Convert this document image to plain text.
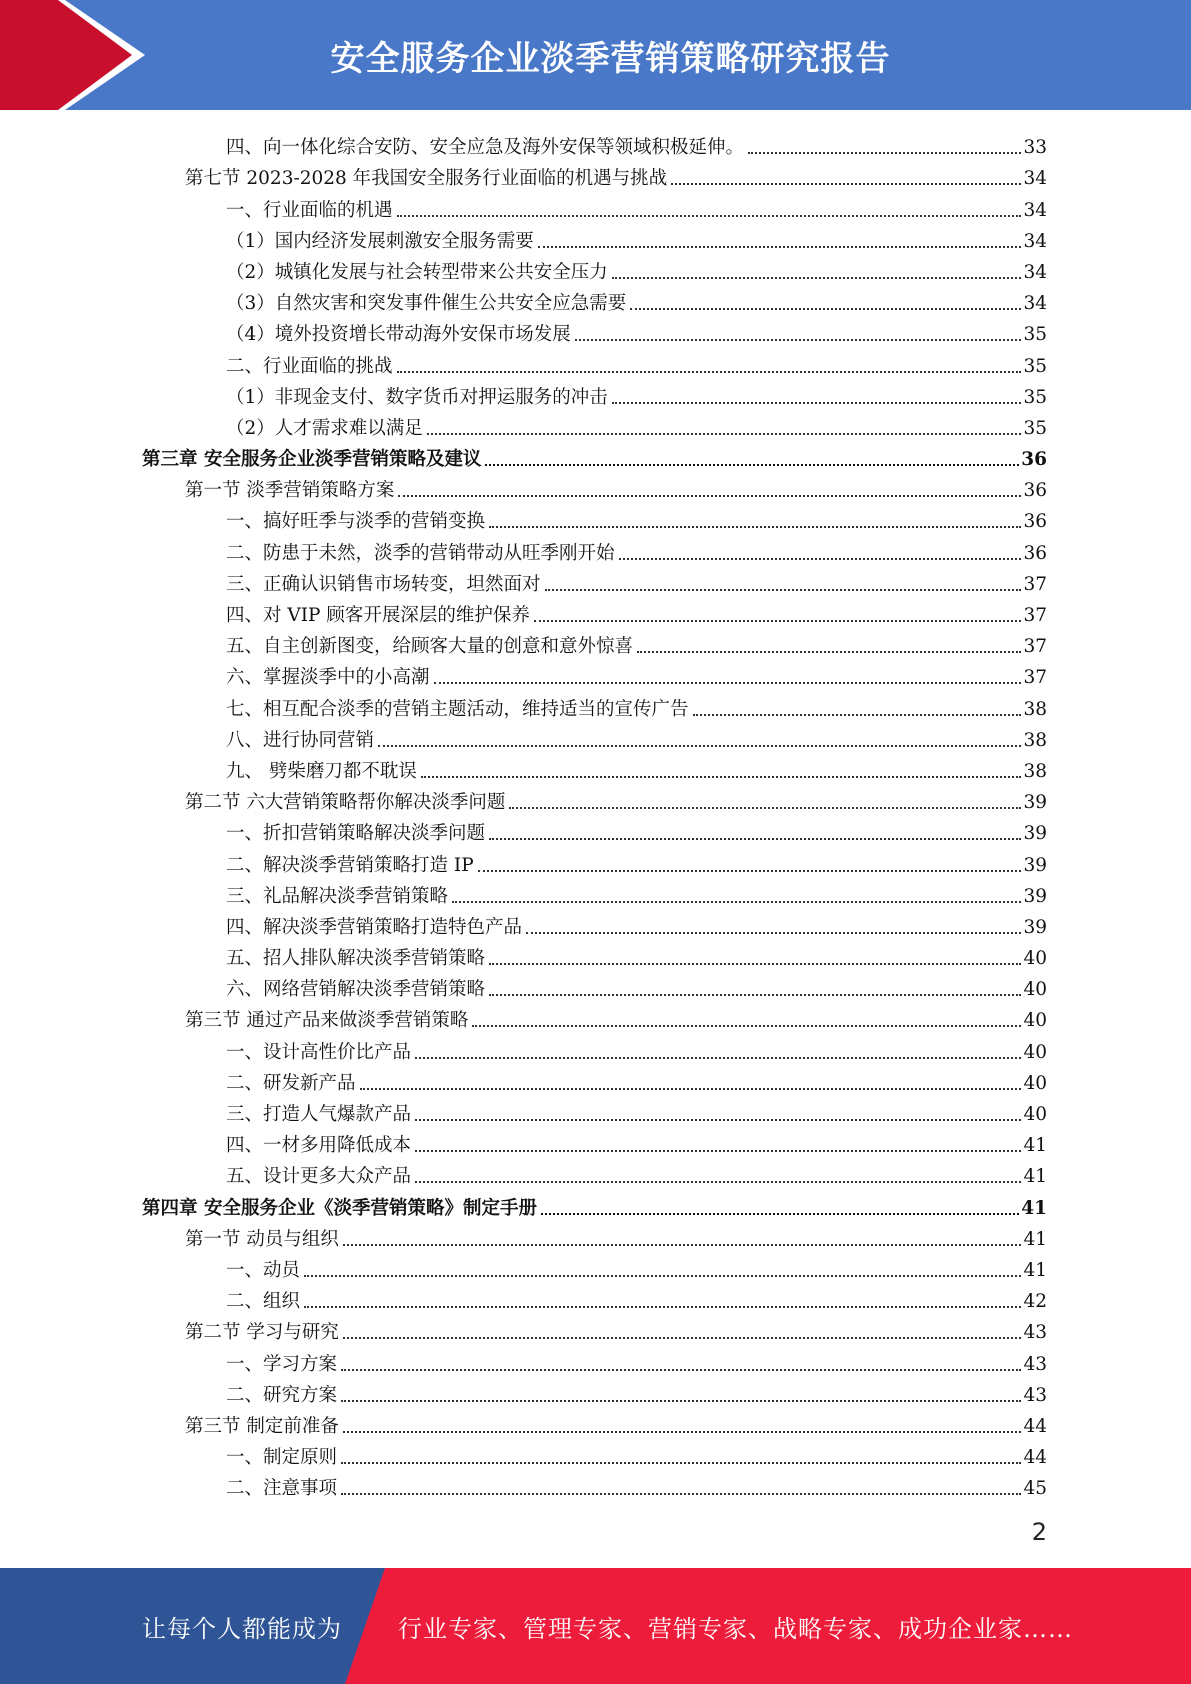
安全服务企业淡季营销策略研究报告
四、向一体化综合安防、安全应急及海外安保等领域积极延伸。	33
第七节 2023-2028 年我国安全服务行业面临的机遇与挑战	34
一、行业面临的机遇	34
（1）国内经济发展刺激安全服务需要	34
（2）城镇化发展与社会转型带来公共安全压力	34
（3）自然灾害和突发事件催生公共安全应急需要	34
（4）境外投资增长带动海外安保市场发展	35
二、行业面临的挑战	35
（1）非现金支付、数字货币对押运服务的冲击	35
（2）人才需求难以满足	35
第三章 安全服务企业淡季营销策略及建议	36
第一节 淡季营销策略方案	36
一、搞好旺季与淡季的营销变换	36
二、防患于未然，淡季的营销带动从旺季刚开始	36
三、正确认识销售市场转变，坦然面对	37
四、对 VIP 顾客开展深层的维护保养	37
五、自主创新图变，给顾客大量的创意和意外惊喜	37
六、掌握淡季中的小高潮	37
七、相互配合淡季的营销主题活动，维持适当的宣传广告	38
八、进行协同营销	38
九、 劈柴磨刀都不耽误	38
第二节 六大营销策略帮你解决淡季问题	39
一、折扣营销策略解决淡季问题	39
二、解决淡季营销策略打造 IP	39
三、礼品解决淡季营销策略	39
四、解决淡季营销策略打造特色产品	39
五、招人排队解决淡季营销策略	40
六、网络营销解决淡季营销策略	40
第三节 通过产品来做淡季营销策略	40
一、设计高性价比产品	40
二、研发新产品	40
三、打造人气爆款产品	40
四、一材多用降低成本	41
五、设计更多大众产品	41
第四章 安全服务企业《淡季营销策略》制定手册	41
第一节 动员与组织	41
一、动员	41
二、组织	42
第二节 学习与研究	43
一、学习方案	43
二、研究方案	43
第三节 制定前准备	44
一、制定原则	44
二、注意事项	45
2
让每个人都能成为 行业专家、管理专家、营销专家、战略专家、成功企业家……
